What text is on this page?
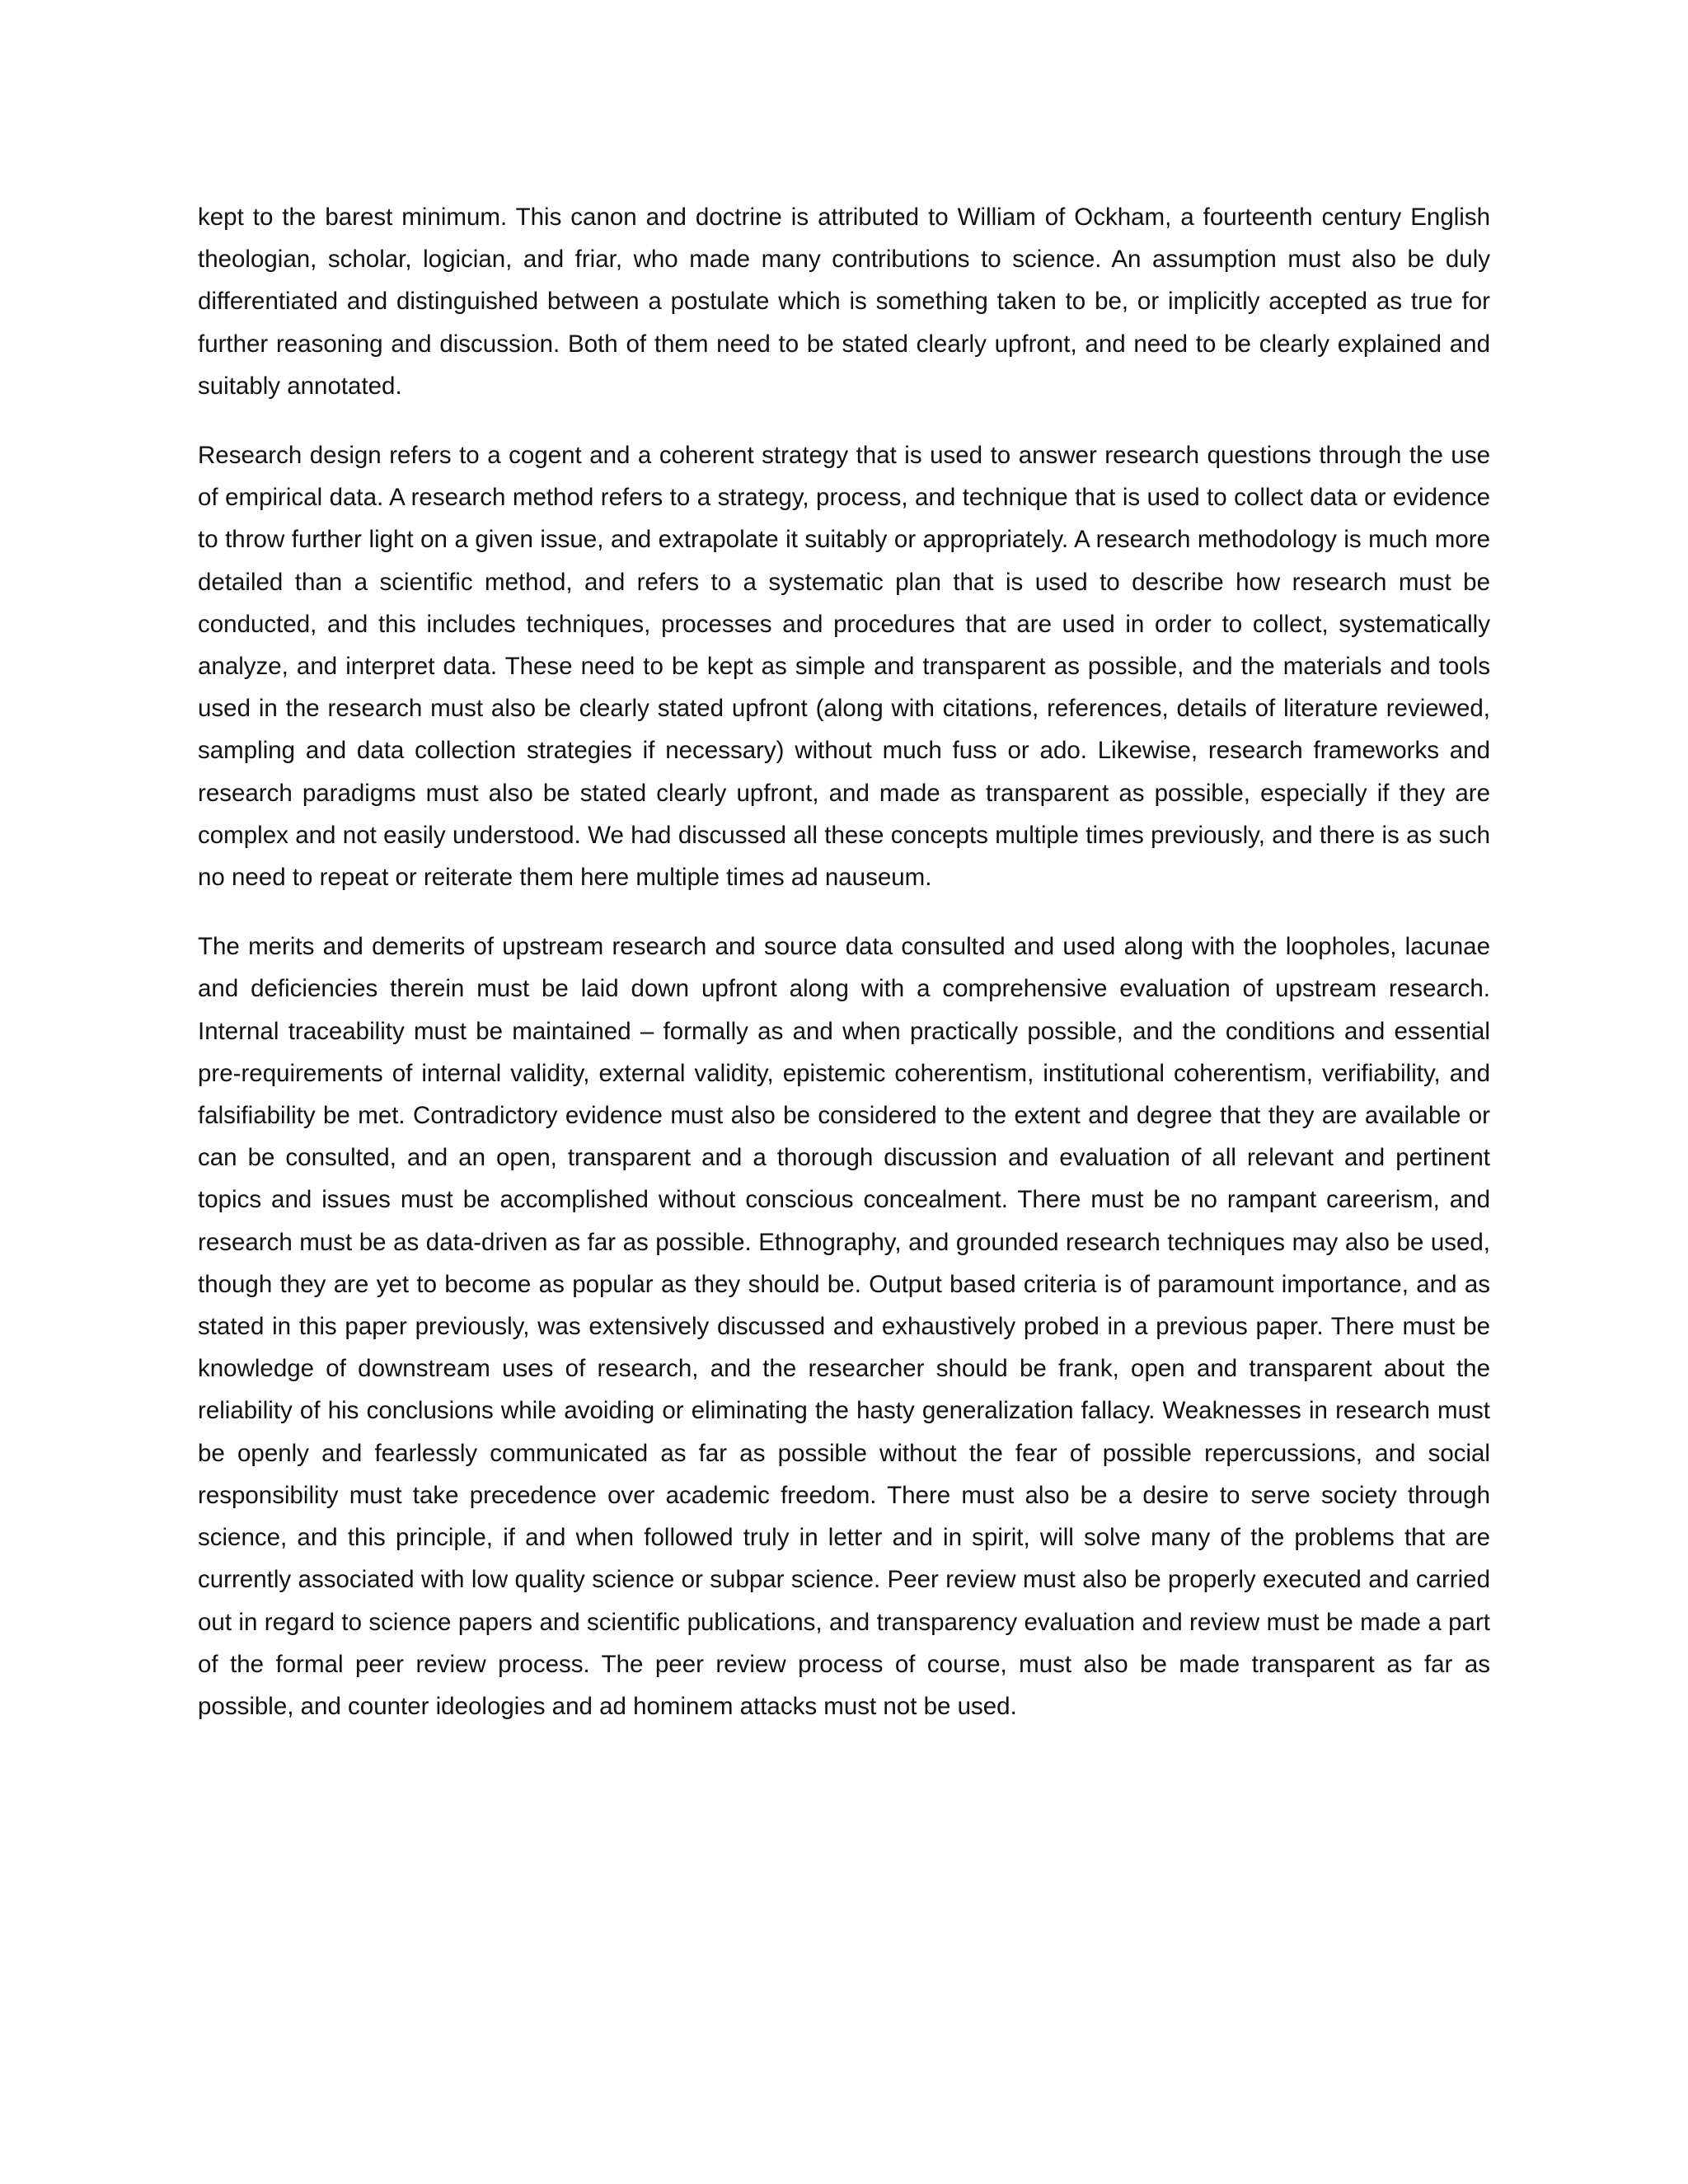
kept to the barest minimum. This canon and doctrine is attributed to William of Ockham, a fourteenth century English theologian, scholar, logician, and friar, who made many contributions to science. An assumption must also be duly differentiated and distinguished between a postulate which is something taken to be, or implicitly accepted as true for further reasoning and discussion. Both of them need to be stated clearly upfront, and need to be clearly explained and suitably annotated.

Research design refers to a cogent and a coherent strategy that is used to answer research questions through the use of empirical data. A research method refers to a strategy, process, and technique that is used to collect data or evidence to throw further light on a given issue, and extrapolate it suitably or appropriately. A research methodology is much more detailed than a scientific method, and refers to a systematic plan that is used to describe how research must be conducted, and this includes techniques, processes and procedures that are used in order to collect, systematically analyze, and interpret data. These need to be kept as simple and transparent as possible, and the materials and tools used in the research must also be clearly stated upfront (along with citations, references, details of literature reviewed, sampling and data collection strategies if necessary) without much fuss or ado. Likewise, research frameworks and research paradigms must also be stated clearly upfront, and made as transparent as possible, especially if they are complex and not easily understood. We had discussed all these concepts multiple times previously, and there is as such no need to repeat or reiterate them here multiple times ad nauseum.

The merits and demerits of upstream research and source data consulted and used along with the loopholes, lacunae and deficiencies therein must be laid down upfront along with a comprehensive evaluation of upstream research. Internal traceability must be maintained – formally as and when practically possible, and the conditions and essential pre-requirements of internal validity, external validity, epistemic coherentism, institutional coherentism, verifiability, and falsifiability be met. Contradictory evidence must also be considered to the extent and degree that they are available or can be consulted, and an open, transparent and a thorough discussion and evaluation of all relevant and pertinent topics and issues must be accomplished without conscious concealment. There must be no rampant careerism, and research must be as data-driven as far as possible. Ethnography, and grounded research techniques may also be used, though they are yet to become as popular as they should be. Output based criteria is of paramount importance, and as stated in this paper previously, was extensively discussed and exhaustively probed in a previous paper. There must be knowledge of downstream uses of research, and the researcher should be frank, open and transparent about the reliability of his conclusions while avoiding or eliminating the hasty generalization fallacy. Weaknesses in research must be openly and fearlessly communicated as far as possible without the fear of possible repercussions, and social responsibility must take precedence over academic freedom. There must also be a desire to serve society through science, and this principle, if and when followed truly in letter and in spirit, will solve many of the problems that are currently associated with low quality science or subpar science. Peer review must also be properly executed and carried out in regard to science papers and scientific publications, and transparency evaluation and review must be made a part of the formal peer review process. The peer review process of course, must also be made transparent as far as possible, and counter ideologies and ad hominem attacks must not be used.
